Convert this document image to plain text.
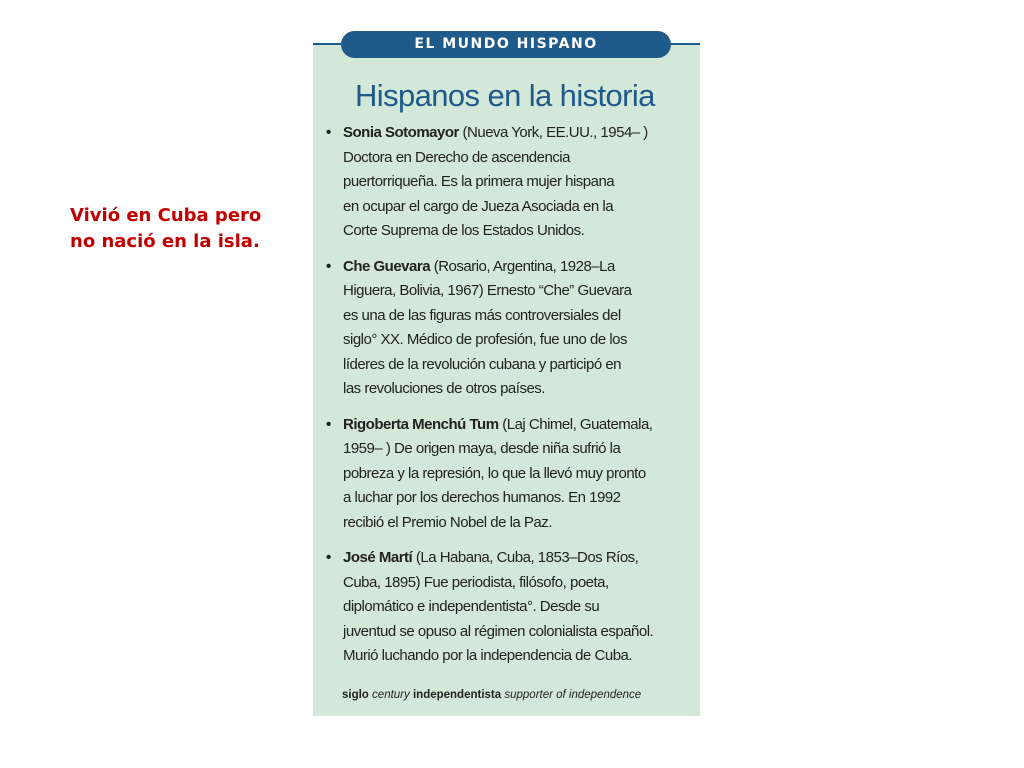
Vivió en Cuba pero
no nació en la isla.
EL MUNDO HISPANO
Hispanos en la historia
• Sonia Sotomayor (Nueva York, EE.UU., 1954– )
Doctora en Derecho de ascendencia
puertorriqueña. Es la primera mujer hispana
en ocupar el cargo de Jueza Asociada en la
Corte Suprema de los Estados Unidos.
• Che Guevara (Rosario, Argentina, 1928–La
Higuera, Bolivia, 1967) Ernesto “Che” Guevara
es una de las figuras más controversiales del
siglo° XX. Médico de profesión, fue uno de los
líderes de la revolución cubana y participó en
las revoluciones de otros países.
• Rigoberta Menchú Tum (Laj Chimel, Guatemala,
1959– ) De origen maya, desde niña sufrió la
pobreza y la represión, lo que la llevó muy pronto
a luchar por los derechos humanos. En 1992
recibió el Premio Nobel de la Paz.
• José Martí (La Habana, Cuba, 1853–Dos Ríos,
Cuba, 1895) Fue periodista, filósofo, poeta,
diplomático e independentista°. Desde su
juventud se opuso al régimen colonialista español.
Murió luchando por la independencia de Cuba.
siglo century independentista supporter of independence
